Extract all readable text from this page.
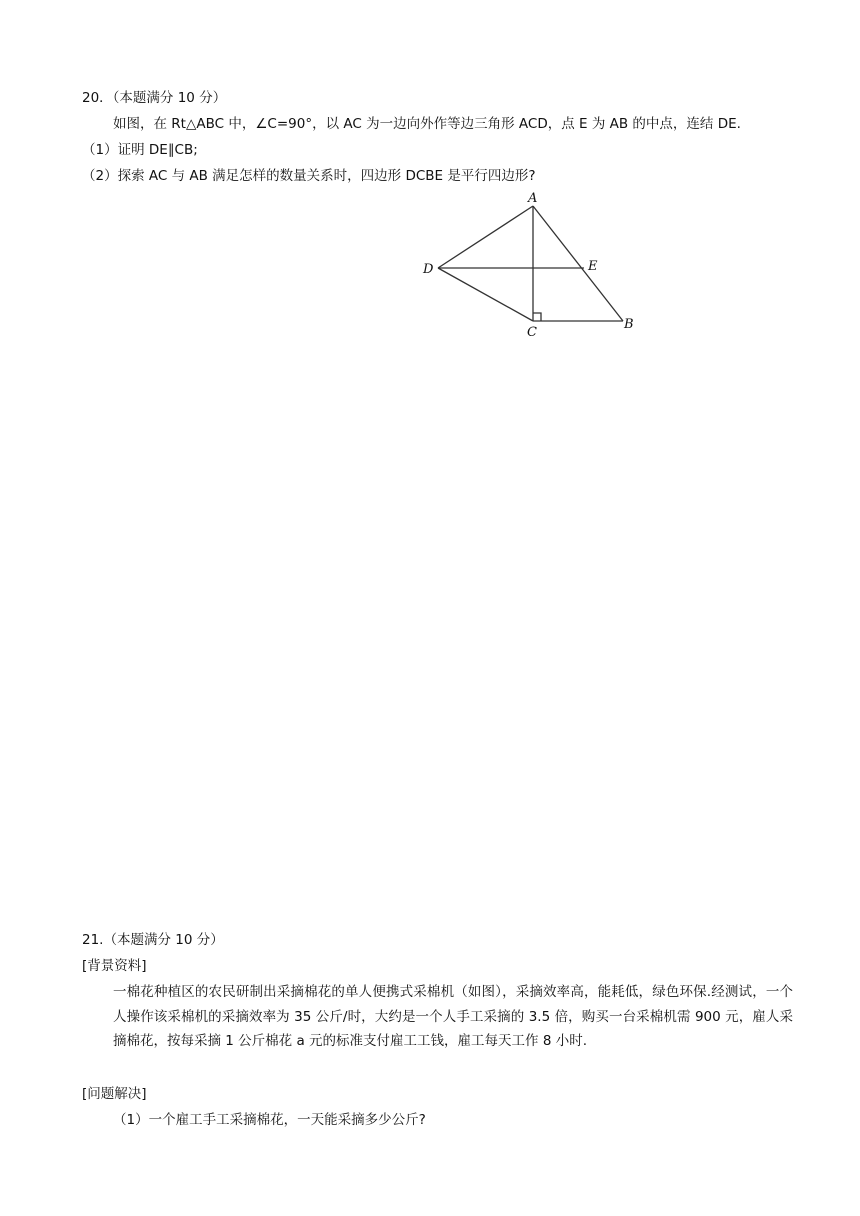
20．（本题满分 10 分）
如图，在 Rt△ABC 中，∠C=90°，以 AC 为一边向外作等边三角形 ACD，点 E 为 AB 的中点，连结 DE.
（1）证明 DE∥CB;
（2）探索 AC 与 AB 满足怎样的数量关系时，四边形 DCBE 是平行四边形?
A
B
C
D	E
21.（本题满分 10 分）
[背景资料]
一棉花种植区的农民研制出采摘棉花的单人便携式采棉机（如图），采摘效率高，能耗低，绿色环保.经测试，一个人操作该采棉机的采摘效率为 35 公斤/时，大约是一个人手工采摘的 3.5 倍，购买一台采棉机需 900 元，雇人采摘棉花，按每采摘 1 公斤棉花 a 元的标准支付雇工工钱，雇工每天工作 8 小时.
[问题解决]
（1）一个雇工手工采摘棉花，一天能采摘多少公斤?
